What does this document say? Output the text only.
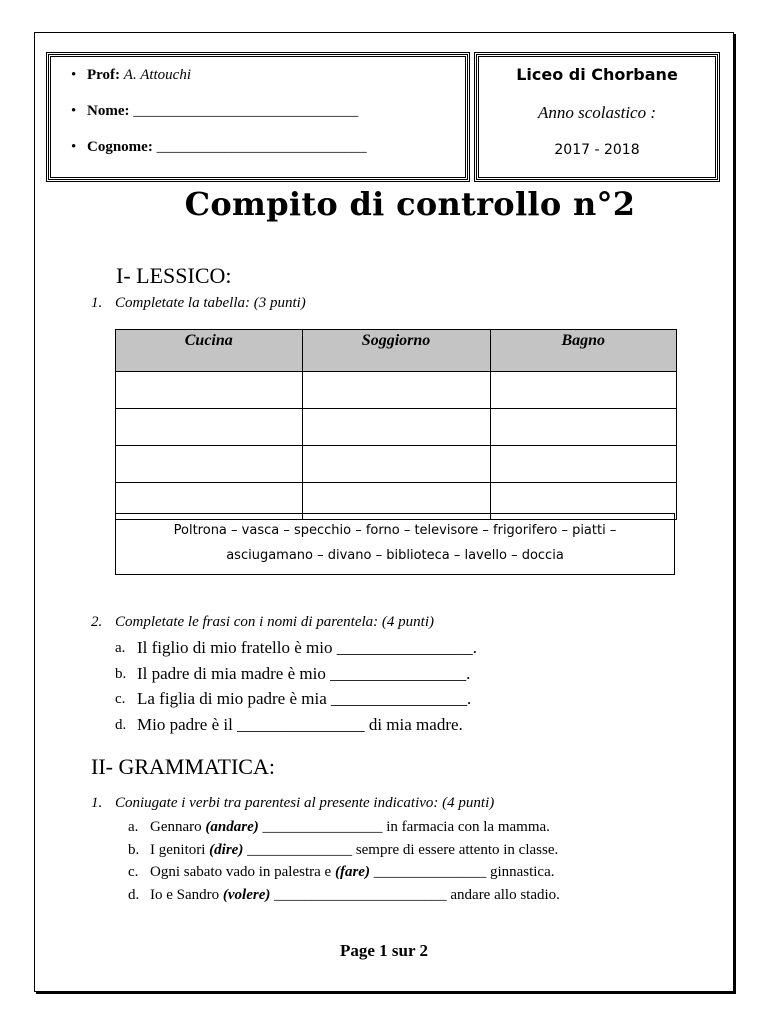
• Prof: A. Attouchi
• Nome: ______________________________
• Cognome: ____________________________
Liceo di Chorbane
Anno scolastico :
2017 - 2018
Compito di controllo n°2
I- LESSICO:
1. Completate la tabella: (3 punti)
Cucina	Soggiorno	Bagno

Poltrona – vasca – specchio – forno – televisore – frigorifero – piatti –
asciugamano – divano – biblioteca – lavello – doccia
2. Completate le frasi con i nomi di parentela: (4 punti)
a. Il figlio di mio fratello è mio ________________.
b. Il padre di mia madre è mio ________________.
c. La figlia di mio padre è mia ________________.
d. Mio padre è il _______________ di mia madre.
II- GRAMMATICA:
1. Coniugate i verbi tra parentesi al presente indicativo: (4 punti)
a. Gennaro (andare) ________________ in farmacia con la mamma.
b. I genitori (dire) ______________ sempre di essere attento in classe.
c. Ogni sabato vado in palestra e (fare) _______________ ginnastica.
d. Io e Sandro (volere) _______________________ andare allo stadio.
Page 1 sur 2
